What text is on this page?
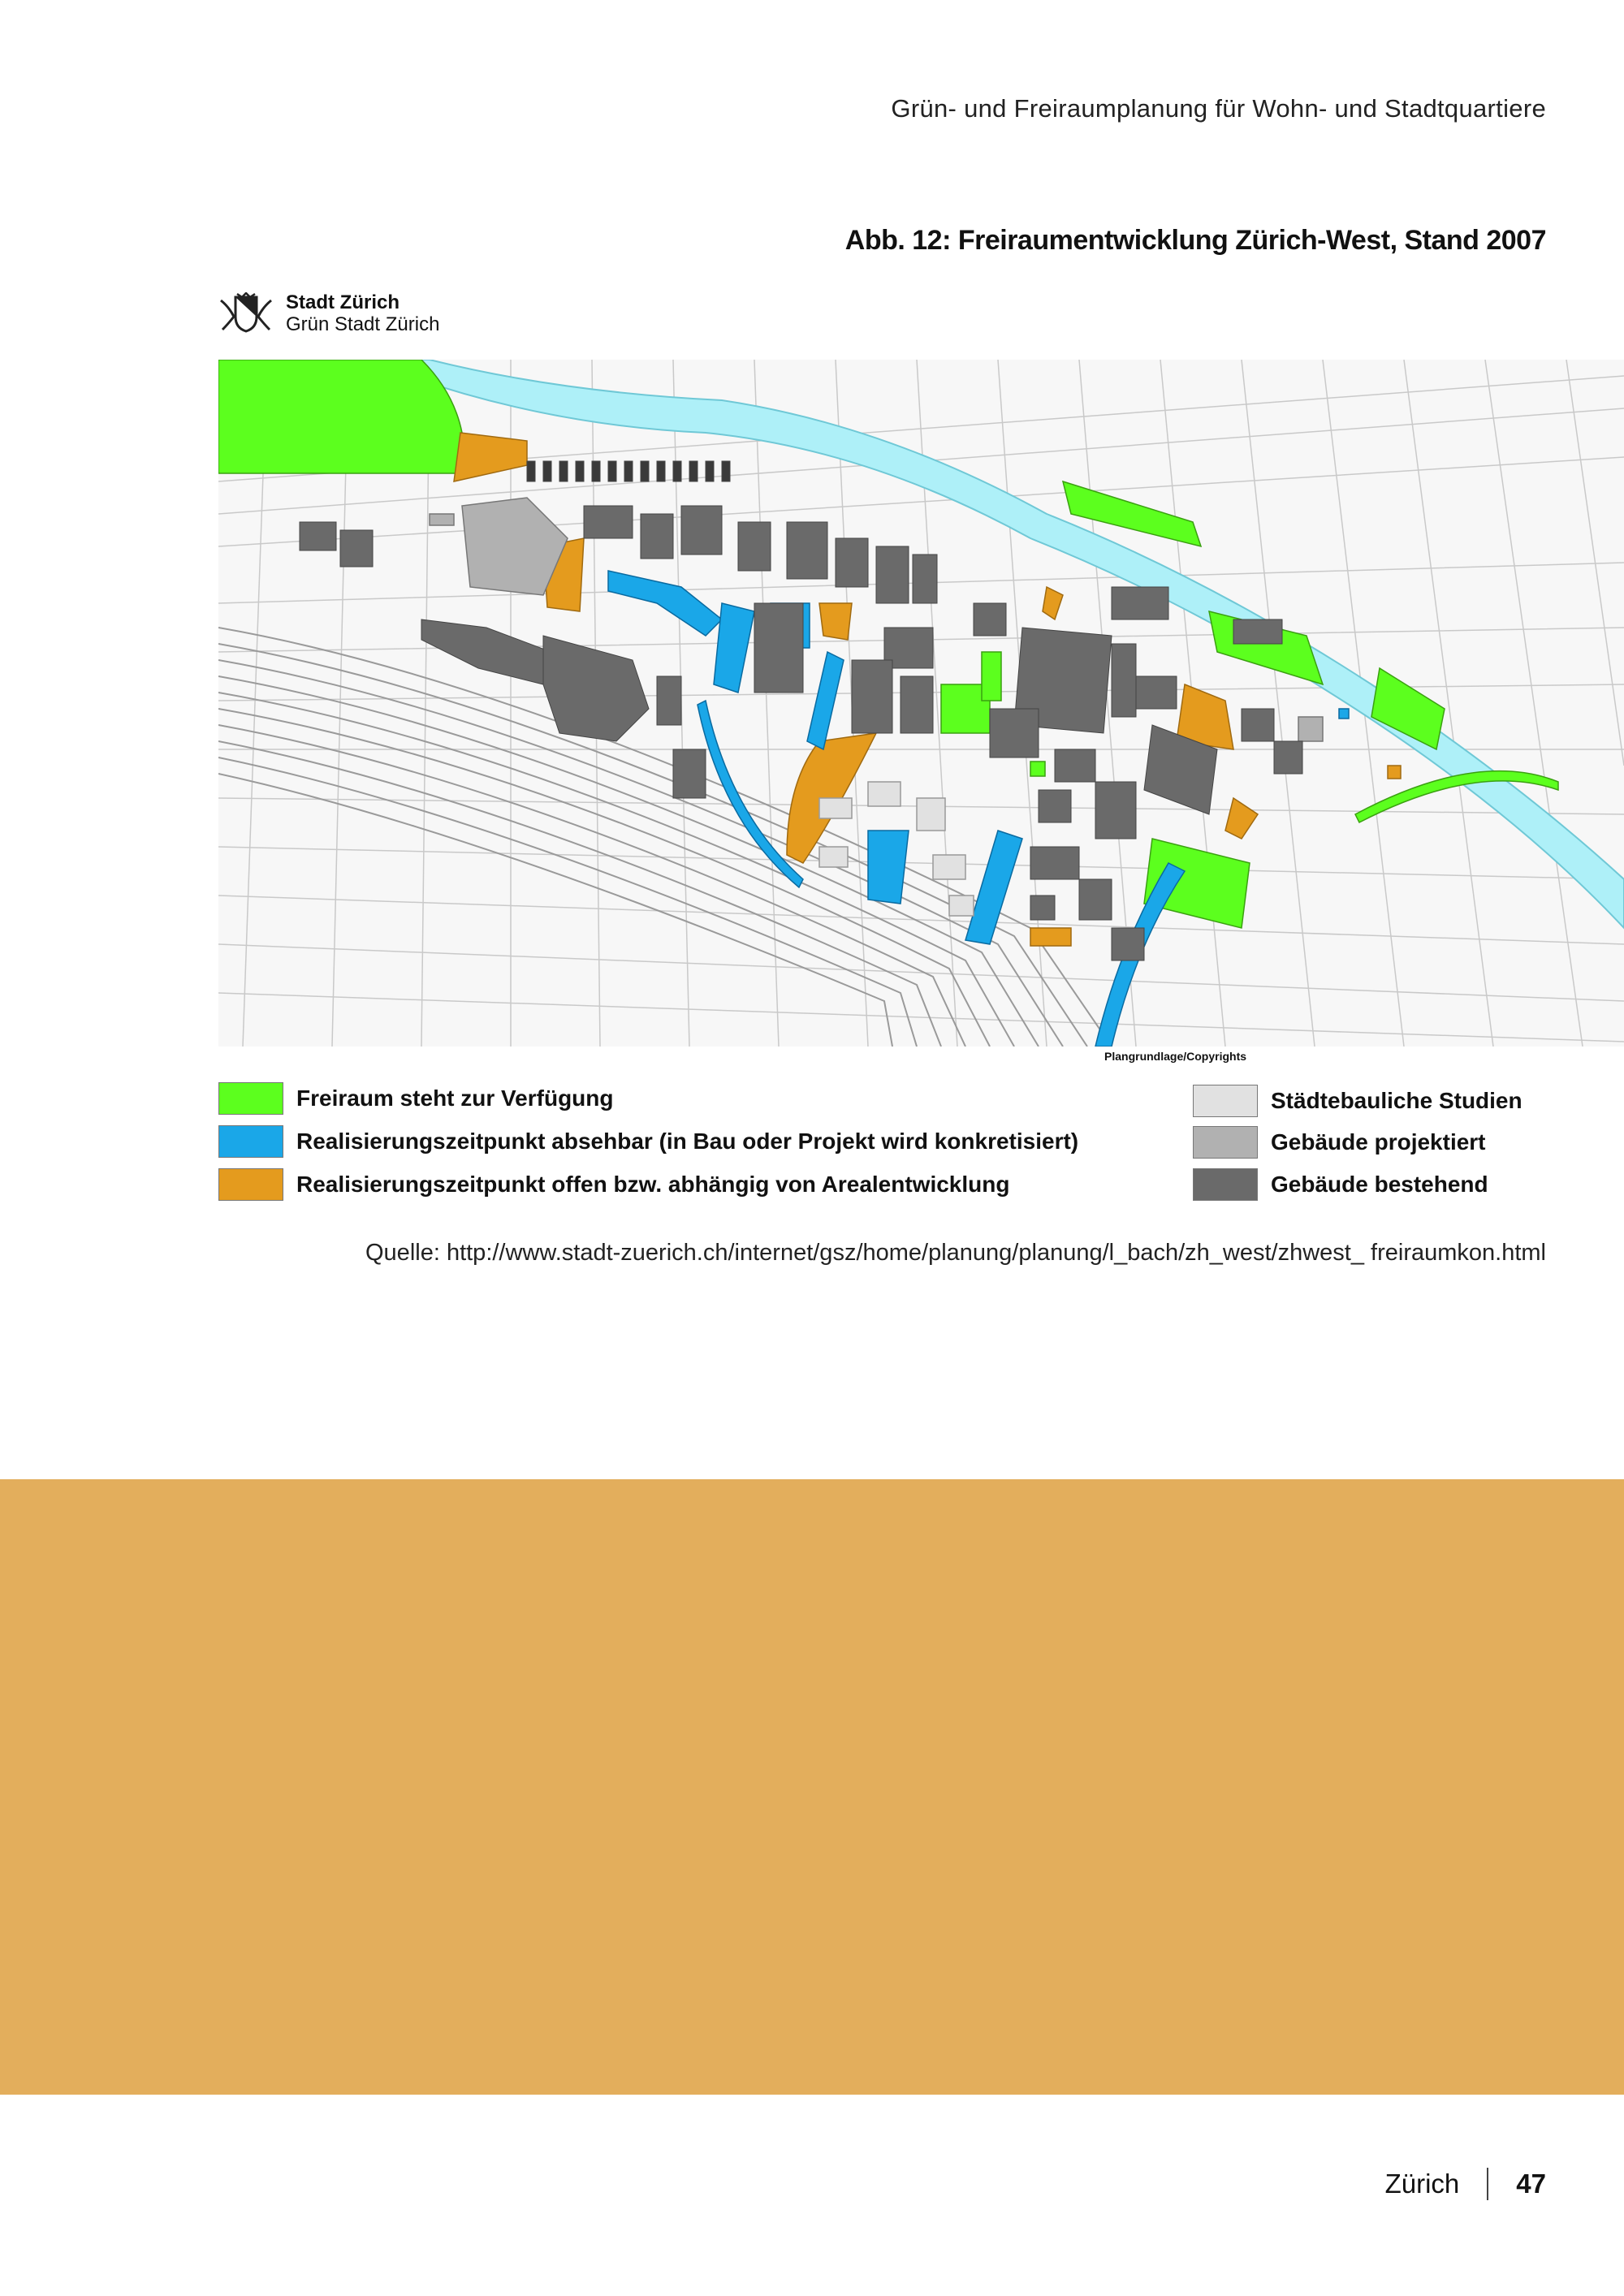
Grün- und Freiraumplanung für Wohn- und Stadtquartiere
Abb. 12: Freiraumentwicklung Zürich-West, Stand 2007
Stadt Zürich
Grün Stadt Zürich
Plangrundlage/Copyrights
Freiraum steht zur Verfügung
Realisierungszeitpunkt absehbar (in Bau oder Projekt wird konkretisiert)
Realisierungszeitpunkt offen bzw. abhängig von Arealentwicklung
Städtebauliche Studien
Gebäude projektiert
Gebäude bestehend
Quelle: http://www.stadt-zuerich.ch/internet/gsz/home/planung/planung/l_bach/zh_west/zhwest_ freiraumkon.html
Zürich 47
